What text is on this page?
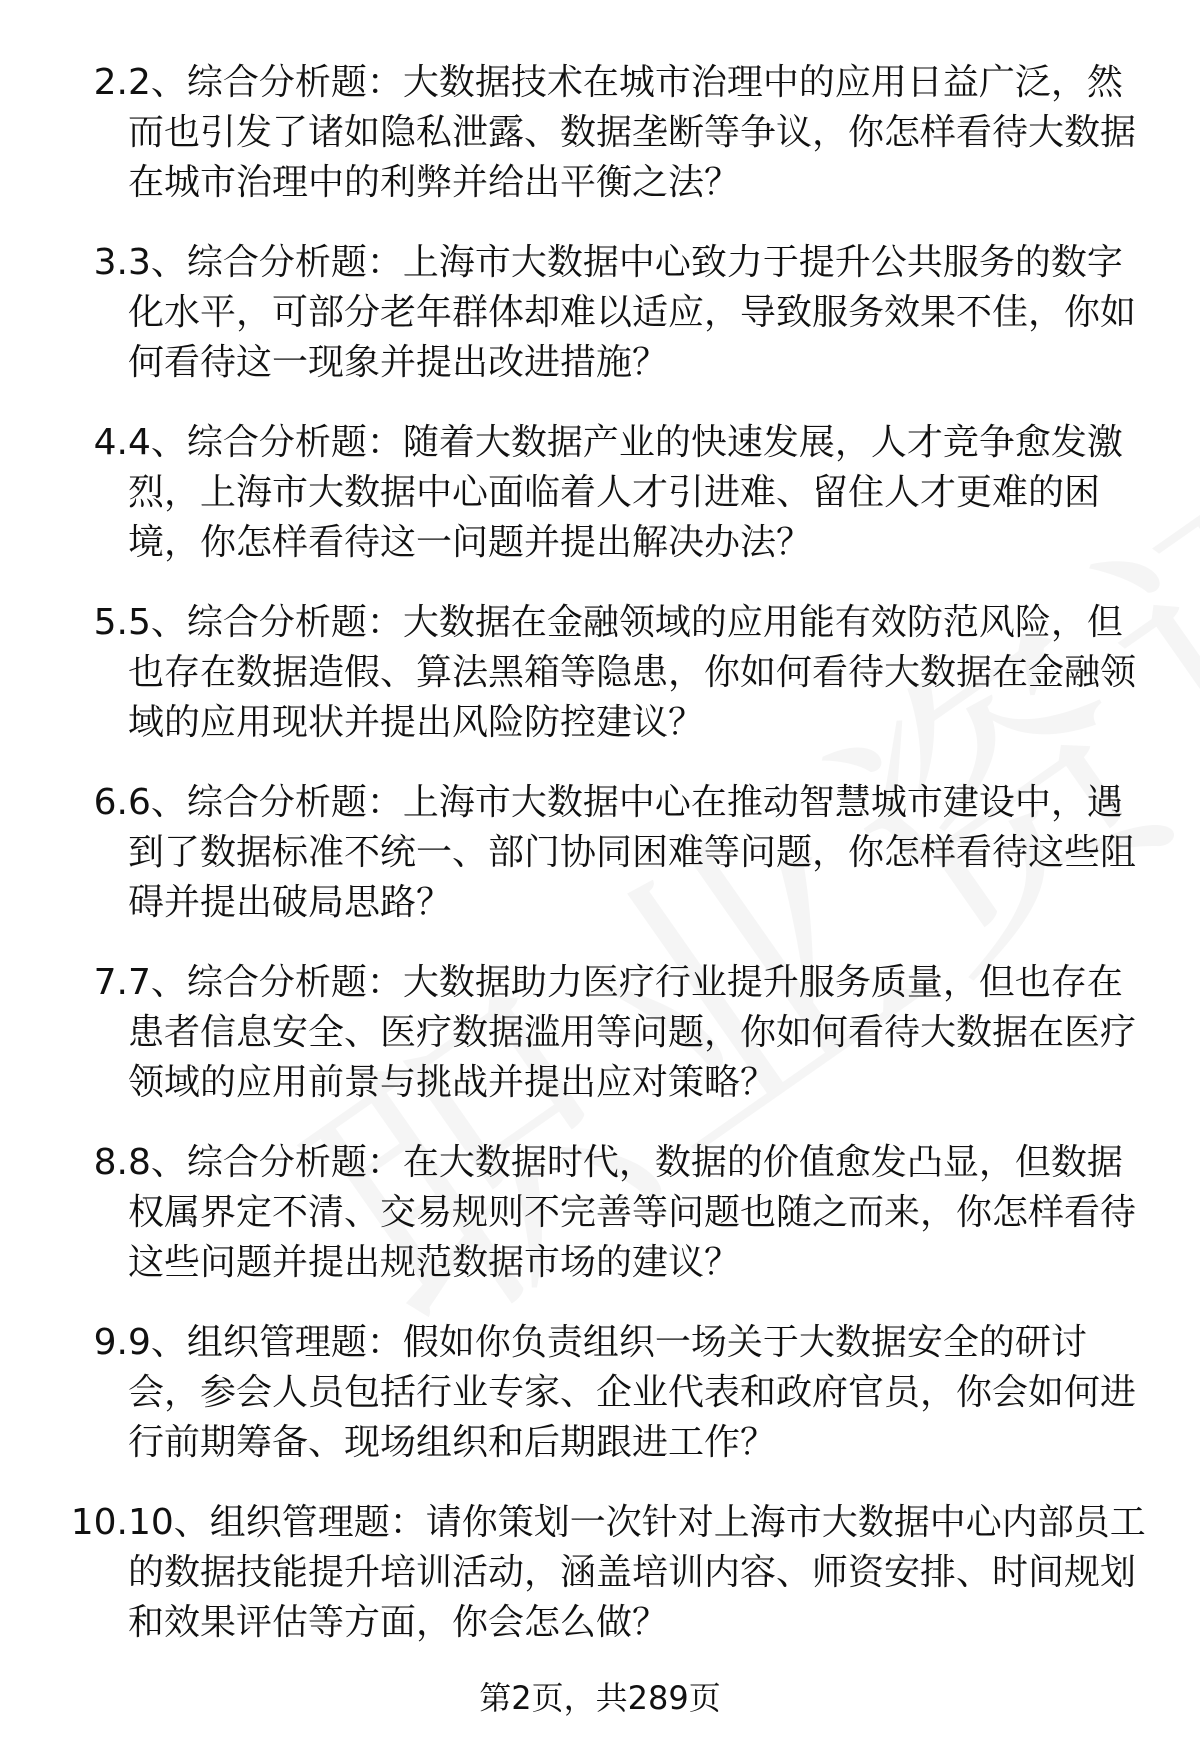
2. 2、综合分析题：大数据技术在城市治理中的应用日益广泛，然而也引发了诸如隐私泄露、数据垄断等争议，你怎样看待大数据在城市治理中的利弊并给出平衡之法？

3. 3、综合分析题：上海市大数据中心致力于提升公共服务的数字化水平，可部分老年群体却难以适应，导致服务效果不佳，你如何看待这一现象并提出改进措施？

4. 4、综合分析题：随着大数据产业的快速发展，人才竞争愈发激烈，上海市大数据中心面临着人才引进难、留住人才更难的困境，你怎样看待这一问题并提出解决办法？

5. 5、综合分析题：大数据在金融领域的应用能有效防范风险，但也存在数据造假、算法黑箱等隐患，你如何看待大数据在金融领域的应用现状并提出风险防控建议？

6. 6、综合分析题：上海市大数据中心在推动智慧城市建设中，遇到了数据标准不统一、部门协同困难等问题，你怎样看待这些阻碍并提出破局思路？

7. 7、综合分析题：大数据助力医疗行业提升服务质量，但也存在患者信息安全、医疗数据滥用等问题，你如何看待大数据在医疗领域的应用前景与挑战并提出应对策略？

8. 8、综合分析题：在大数据时代，数据的价值愈发凸显，但数据权属界定不清、交易规则不完善等问题也随之而来，你怎样看待这些问题并提出规范数据市场的建议？

9. 9、组织管理题：假如你负责组织一场关于大数据安全的研讨会，参会人员包括行业专家、企业代表和政府官员，你会如何进行前期筹备、现场组织和后期跟进工作？

10. 10、组织管理题：请你策划一次针对上海市大数据中心内部员工的数据技能提升培训活动，涵盖培训内容、师资安排、时间规划和效果评估等方面，你会怎么做？

第2页，共289页
